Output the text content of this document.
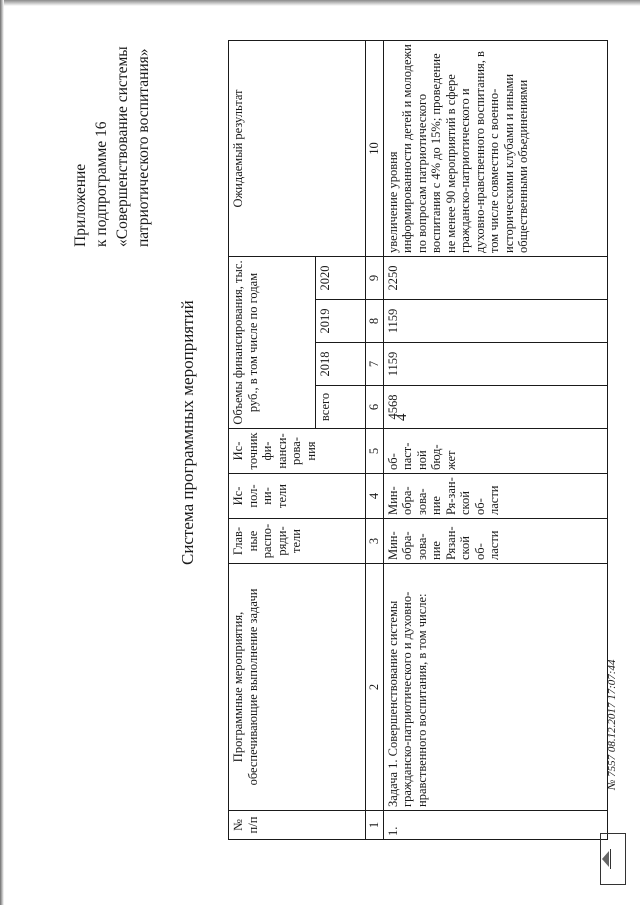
4
Приложение к подпрограмме 16 «Совершенствование системы патриотического воспитания»
Система программных мероприятий
№ п/п	Программные мероприятия, обеспечивающие выполнение задачи	Глав-ные распо-ряди-тели	Ис-пол-ни-тели	Ис-точник фи-нанси-рова-ния	Объемы финансирования, тыс. руб., в том числе по годам				Ожидаемый результат
					всего	2018	2019	2020	
1	2	3	4	5	6	7	8	9	10
1.	Задача 1. Совершенствование системы гражданско-патриотического и духовно-нравственного воспитания, в том числе:	Мин-обра-зова-ние Рязан-ской об-ласти	Мин-обра-зова-ние Ря-зан-ской об-ласти	об-паст-ной бюд-жет	4568	1159	1159	2250	увеличение уровня информированности детей и молодежи по вопросам патриотического воспитания с 4% до 15%; проведение не менее 90 мероприятий в сфере гражданско-патриотического и духовно-нравственного воспитания, в том числе совместно с военно-историческими клубами и иными общественными объединениями
№ 7557 08.12.2017 17:07:44
